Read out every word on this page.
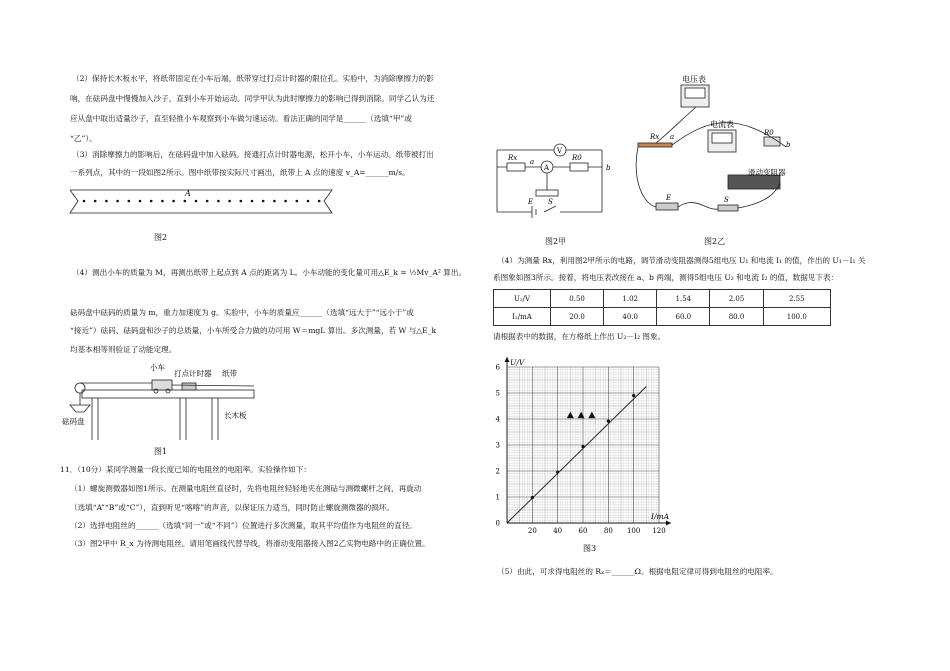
（2）保持长木板水平，将纸带固定在小车后端，纸带穿过打点计时器的限位孔。实验中，为消除摩擦力的影
响，在砝码盘中慢慢加入沙子，直到小车开始运动。同学甲认为此时摩擦力的影响已得到消除。同学乙认为还
应从盘中取出适量沙子，直至轻推小车观察到小车做匀速运动。看法正确的同学是______（选填“甲”或
“乙”）。
（3）消除摩擦力的影响后，在砝码盘中加入砝码。接通打点计时器电源，松开小车，小车运动。纸带被打出
一系列点，其中的一段如图2所示。图中纸带按实际尺寸画出，纸带上 A 点的速度 v_A=______m/s。
A
图2
（4）测出小车的质量为 M，再测出纸带上起点到 A 点的距离为 L。小车动能的变化量可用△E_k = ½Mv_A² 算出。
砝码盘中砝码的质量为 m，重力加速度为 g。实验中，小车的质量应______（选填“远大于”“远小于”或
“接近”）砝码、砝码盘和沙子的总质量，小车所受合力做的功可用 W＝mgL 算出。多次测量，若 W 与△E_k
均基本相等则验证了动能定理。
小车
打点计时器 纸带
长木板
砝码盘
图1
11．（10分）某同学测量一段长度已知的电阻丝的电阻率。实验操作如下：
（1）螺旋测微器如图1所示。在测量电阻丝直径时，先将电阻丝轻轻地夹在测砧与测微螺杆之间，再旋动
（选填“A”“B”或“C”），直到听见“喀喀”的声音，以保证压力适当，同时防止螺旋测微器的损坏。
（2）选择电阻丝的______（选填“同一”或“不同”）位置进行多次测量，取其平均值作为电阻丝的直径。
（3）图2甲中 R_x 为待测电阻丝。请用笔画线代替导线，将滑动变阻器接入图2乙实物电路中的正确位置。
Rx a
V
A
R0
b
E S
图2甲
电压表
电流表
Rx a	R0
b
滑动变阻器
E	S
图2乙
（4）为测量 Rx，利用图2甲所示的电路，调节滑动变阻器测得5组电压 U₁ 和电流 I₁ 的值，作出的 U₁－I₁ 关
系图象如图3所示。接着，将电压表改接在 a、b 两端，测得5组电压 U₂ 和电流 I₂ 的值，数据见下表：
U₂/V	0.50	1.02	1.54	2.05	2.55
I₂/mA	20.0	40.0	60.0	80.0	100.0
请根据表中的数据，在方格纸上作出 U₂－I₂ 图象。
20 40 60 80 100 120
0
1
2
3
4
5
6
I/mA
U/V
图3
（5）由此，可求得电阻丝的 Rₓ＝______Ω。根据电阻定律可得到电阻丝的电阻率。
